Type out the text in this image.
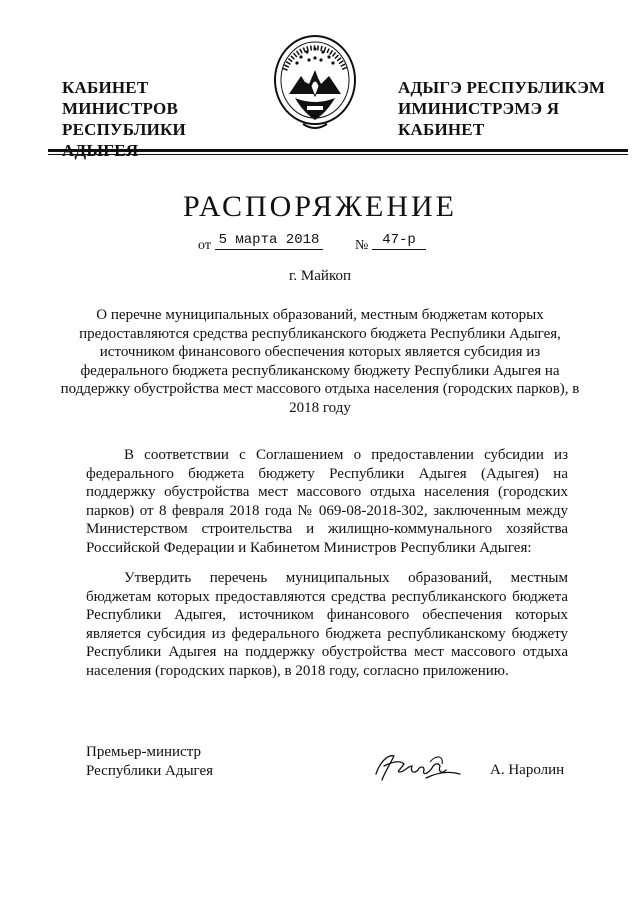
КАБИНЕТ МИНИСТРОВ
РЕСПУБЛИКИ
АДЫГЭ РЕСПУБЛИКЭМ
ИМИНИСТРЭМЭ Я КАБИНЕТ
РАСПОРЯЖЕНИЕ
от 5 марта 2018	№ 47-р
г. Майкоп
О перечне муниципальных образований, местным бюджетам которых предоставляются средства республиканского бюджета Республики Адыгея, источником финансового обеспечения которых является субсидия из федерального бюджета республиканскому бюджету Республики Адыгея на поддержку обустройства мест массового отдыха населения (городских парков), в 2018 году
В соответствии с Соглашением о предоставлении субсидии из федерального бюджета бюджету Республики Адыгея (Адыгея) на поддержку обустройства мест массового отдыха населения (городских парков) от 8 февраля 2018 года № 069-08-2018-302, заключенным между Министерством строительства и жилищно-коммунального хозяйства Российской Федерации и Кабинетом Министров Республики Адыгея:
Утвердить перечень муниципальных образований, местным бюджетам которых предоставляются средства республиканского бюджета Республики Адыгея, источником финансового обеспечения которых является субсидия из федерального бюджета республиканскому бюджету Республики Адыгея на поддержку обустройства мест массового отдыха населения (городских парков), в 2018 году, согласно приложению.
Премьер-министр
Республики Адыгея	А. Наролин
